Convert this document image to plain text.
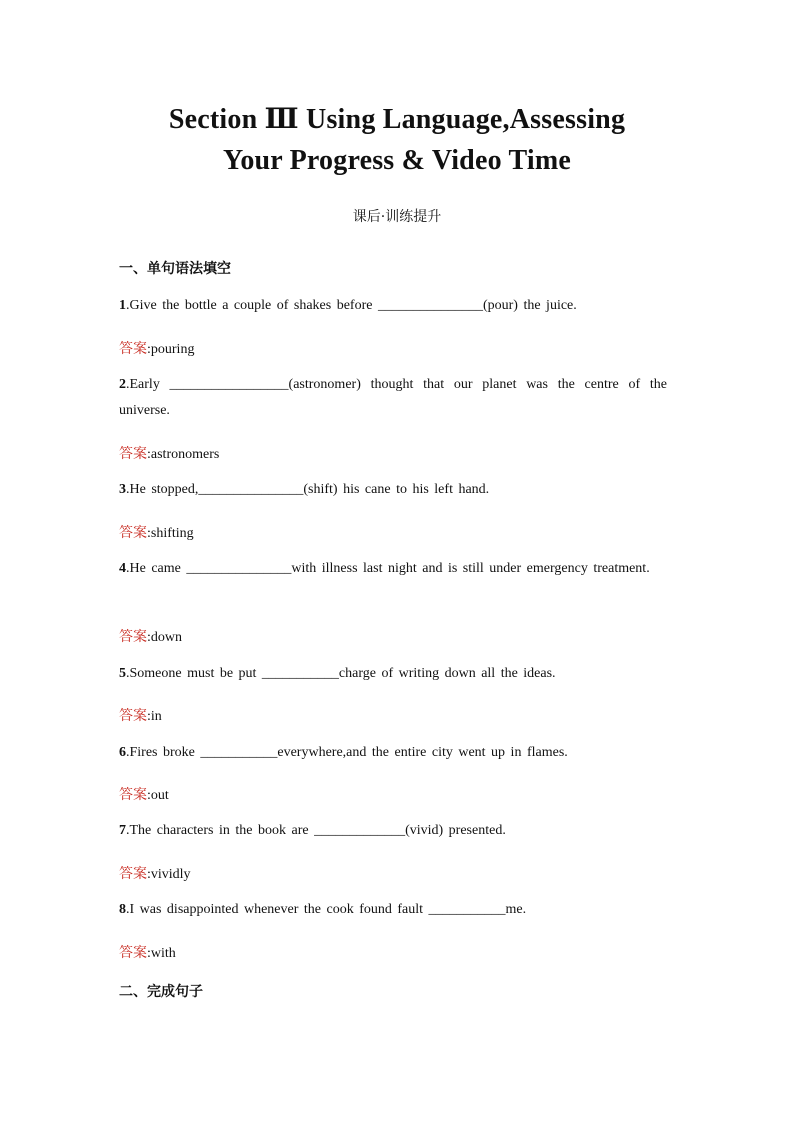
Section Ⅲ Using Language,Assessing
Your Progress & Video Time
课后·训练提升
一、单句语法填空
1.Give the bottle a couple of shakes before _______________(pour) the juice.
答案:pouring
2.Early _________________(astronomer) thought that our planet was the centre of the universe.
答案:astronomers
3.He stopped,_______________(shift) his cane to his left hand.
答案:shifting
4.He came _______________with illness last night and is still under emergency treatment.
答案:down
5.Someone must be put ___________charge of writing down all the ideas.
答案:in
6.Fires broke ___________everywhere,and the entire city went up in flames.
答案:out
7.The characters in the book are _____________(vivid) presented.
答案:vividly
8.I was disappointed whenever the cook found fault ___________me.
答案:with
二、完成句子
